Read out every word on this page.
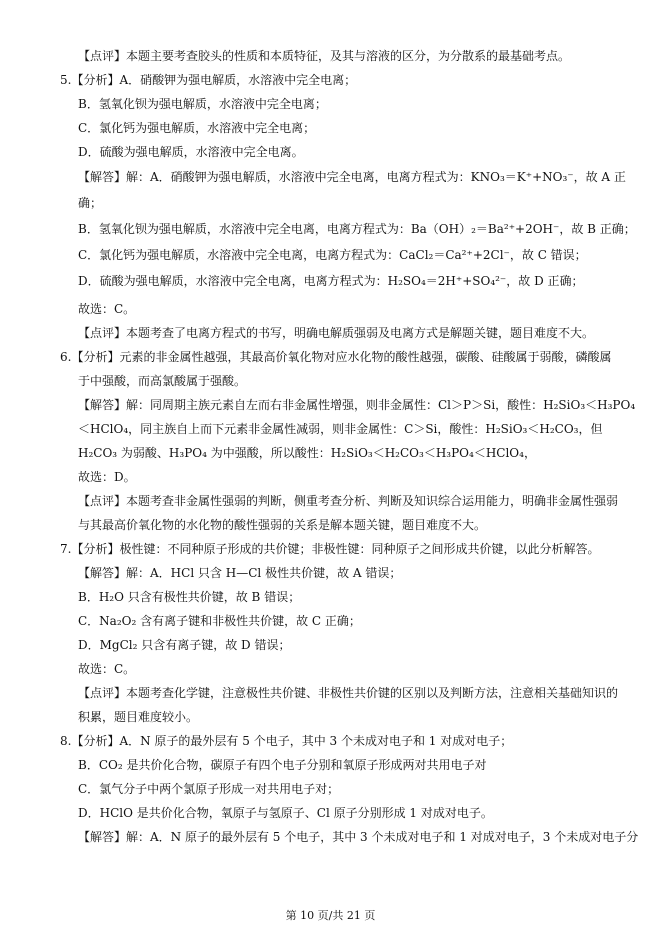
【点评】本题主要考查胶头的性质和本质特征，及其与溶液的区分，为分散系的最基础考点。
5.【分析】A．硝酸钾为强电解质，水溶液中完全电离；
B．氢氧化钡为强电解质，水溶液中完全电离；
C．氯化钙为强电解质，水溶液中完全电离；
D．硫酸为强电解质，水溶液中完全电离。
【解答】解：A．硝酸钾为强电解质，水溶液中完全电离，电离方程式为：KNO₃＝K⁺+NO₃⁻，故 A 正
确；
B．氢氧化钡为强电解质，水溶液中完全电离，电离方程式为：Ba（OH）₂＝Ba²⁺+2OH⁻，故 B 正确；
C．氯化钙为强电解质，水溶液中完全电离，电离方程式为：CaCl₂＝Ca²⁺+2Cl⁻，故 C 错误；
D．硫酸为强电解质，水溶液中完全电离，电离方程式为：H₂SO₄＝2H⁺+SO₄²⁻，故 D 正确；
故选：C。
【点评】本题考查了电离方程式的书写，明确电解质强弱及电离方式是解题关键，题目难度不大。
6.【分析】元素的非金属性越强，其最高价氧化物对应水化物的酸性越强，碳酸、硅酸属于弱酸，磷酸属
于中强酸，而高氯酸属于强酸。
【解答】解：同周期主族元素自左而右非金属性增强，则非金属性：Cl＞P＞Si，酸性：H₂SiO₃＜H₃PO₄
＜HClO₄，同主族自上而下元素非金属性减弱，则非金属性：C＞Si，酸性：H₂SiO₃＜H₂CO₃，但
H₂CO₃ 为弱酸、H₃PO₄ 为中强酸，所以酸性：H₂SiO₃＜H₂CO₃＜H₃PO₄＜HClO₄，
故选：D。
【点评】本题考查非金属性强弱的判断，侧重考查分析、判断及知识综合运用能力，明确非金属性强弱
与其最高价氧化物的水化物的酸性强弱的关系是解本题关键，题目难度不大。
7.【分析】极性键：不同种原子形成的共价键；非极性键：同种原子之间形成共价键，以此分析解答。
【解答】解：A．HCl 只含 H—Cl 极性共价键，故 A 错误；
B．H₂O 只含有极性共价键，故 B 错误；
C．Na₂O₂ 含有离子键和非极性共价键，故 C 正确；
D．MgCl₂ 只含有离子键，故 D 错误；
故选：C。
【点评】本题考查化学键，注意极性共价键、非极性共价键的区别以及判断方法，注意相关基础知识的
积累，题目难度较小。
8.【分析】A．N 原子的最外层有 5 个电子，其中 3 个未成对电子和 1 对成对电子；
B．CO₂ 是共价化合物，碳原子有四个电子分别和氧原子形成两对共用电子对
C．氯气分子中两个氯原子形成一对共用电子对；
D．HClO 是共价化合物，氧原子与氢原子、Cl 原子分别形成 1 对成对电子。
【解答】解：A．N 原子的最外层有 5 个电子，其中 3 个未成对电子和 1 对成对电子，3 个未成对电子分
第 10 页/共 21 页
